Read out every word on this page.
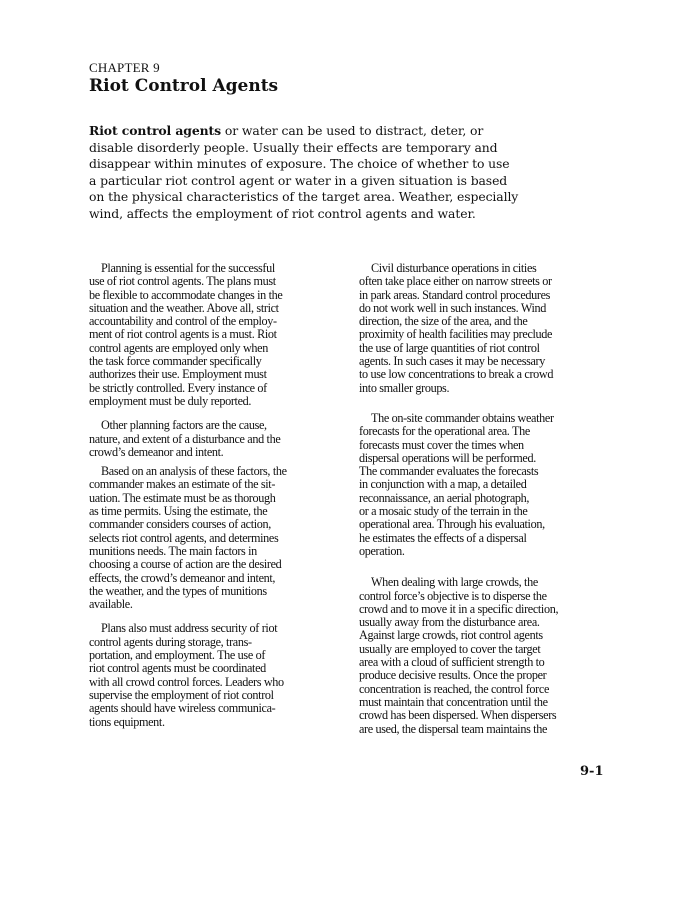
CHAPTER 9
Riot Control Agents

Riot control agents or water can be used to distract, deter, or disable disorderly people. Usually their effects are temporary and disappear within minutes of exposure. The choice of whether to use a particular riot control agent or water in a given situation is based on the physical characteristics of the target area. Weather, especially wind, affects the employment of riot control agents and water.

Planning is essential for the successful
use of riot control agents. The plans must
be flexible to accommodate changes in the
situation and the weather. Above all, strict
accountability and control of the employ-
ment of riot control agents is a must. Riot
control agents are employed only when
the task force commander specifically
authorizes their use. Employment must
be strictly controlled. Every instance of
employment must be duly reported.

Other planning factors are the cause,
nature, and extent of a disturbance and the
crowd’s demeanor and intent.

Based on an analysis of these factors, the
commander makes an estimate of the sit-
uation. The estimate must be as thorough
as time permits. Using the estimate, the
commander considers courses of action,
selects riot control agents, and determines
munitions needs. The main factors in
choosing a course of action are the desired
effects, the crowd’s demeanor and intent,
the weather, and the types of munitions
available.

Plans also must address security of riot
control agents during storage, trans-
portation, and employment. The use of
riot control agents must be coordinated
with all crowd control forces. Leaders who
supervise the employment of riot control
agents should have wireless communica-
tions equipment.

Civil disturbance operations in cities
often take place either on narrow streets or
in park areas. Standard control procedures
do not work well in such instances. Wind
direction, the size of the area, and the
proximity of health facilities may preclude
the use of large quantities of riot control
agents. In such cases it may be necessary
to use low concentrations to break a crowd
into smaller groups.

The on-site commander obtains weather
forecasts for the operational area. The
forecasts must cover the times when
dispersal operations will be performed.
The commander evaluates the forecasts
in conjunction with a map, a detailed
reconnaissance, an aerial photograph,
or a mosaic study of the terrain in the
operational area. Through his evaluation,
he estimates the effects of a dispersal
operation.

When dealing with large crowds, the
control force’s objective is to disperse the
crowd and to move it in a specific direction,
usually away from the disturbance area.
Against large crowds, riot control agents
usually are employed to cover the target
area with a cloud of sufficient strength to
produce decisive results. Once the proper
concentration is reached, the control force
must maintain that concentration until the
crowd has been dispersed. When dispersers
are used, the dispersal team maintains the

9-1
